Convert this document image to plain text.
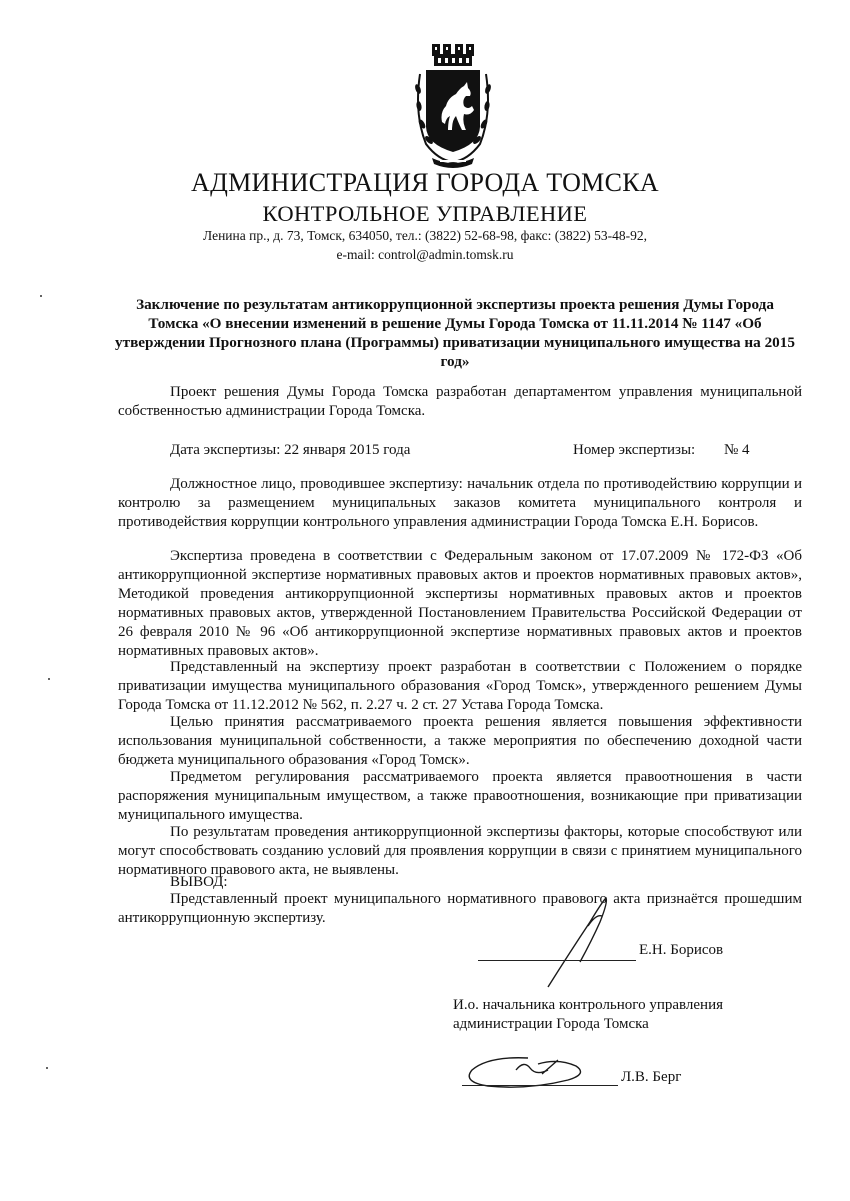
АДМИНИСТРАЦИЯ ГОРОДА ТОМСКА
КОНТРОЛЬНОЕ УПРАВЛЕНИЕ
Ленина пр., д. 73, Томск, 634050, тел.: (3822) 52-68-98, факс: (3822) 53-48-92,
e-mail: control@admin.tomsk.ru
Заключение по результатам антикоррупционной экспертизы проекта решения Думы Города Томска «О внесении изменений в решение Думы Города Томска от 11.11.2014 № 1147 «Об утверждении Прогнозного плана (Программы) приватизации муниципального имущества на 2015 год»
Проект решения Думы Города Томска разработан департаментом управления муниципальной собственностью администрации Города Томска.
Дата экспертизы: 22 января 2015 года	Номер экспертизы: № 4
Должностное лицо, проводившее экспертизу: начальник отдела по противодействию коррупции и контролю за размещением муниципальных заказов комитета муниципального контроля и противодействия коррупции контрольного управления администрации Города Томска Е.Н. Борисов.
Экспертиза проведена в соответствии с Федеральным законом от 17.07.2009 № 172-ФЗ «Об антикоррупционной экспертизе нормативных правовых актов и проектов нормативных правовых актов», Методикой проведения антикоррупционной экспертизы нормативных правовых актов и проектов нормативных правовых актов, утвержденной Постановлением Правительства Российской Федерации от 26 февраля 2010 № 96 «Об антикоррупционной экспертизе нормативных правовых актов и проектов нормативных правовых актов».
Представленный на экспертизу проект разработан в соответствии с Положением о порядке приватизации имущества муниципального образования «Город Томск», утвержденного решением Думы Города Томска от 11.12.2012 № 562, п. 2.27 ч. 2 ст. 27 Устава Города Томска.
Целью принятия рассматриваемого проекта решения является повышения эффективности использования муниципальной собственности, а также мероприятия по обеспечению доходной части бюджета муниципального образования «Город Томск».
Предметом регулирования рассматриваемого проекта является правоотношения в части распоряжения муниципальным имуществом, а также правоотношения, возникающие при приватизации муниципального имущества.
По результатам проведения антикоррупционной экспертизы факторы, которые способствуют или могут способствовать созданию условий для проявления коррупции в связи с принятием муниципального нормативного правового акта, не выявлены.
ВЫВОД:
Представленный проект муниципального нормативного правового акта признаётся прошедшим антикоррупционную экспертизу.
Е.Н. Борисов
И.о. начальника контрольного управления
администрации Города Томска
Л.В. Берг
